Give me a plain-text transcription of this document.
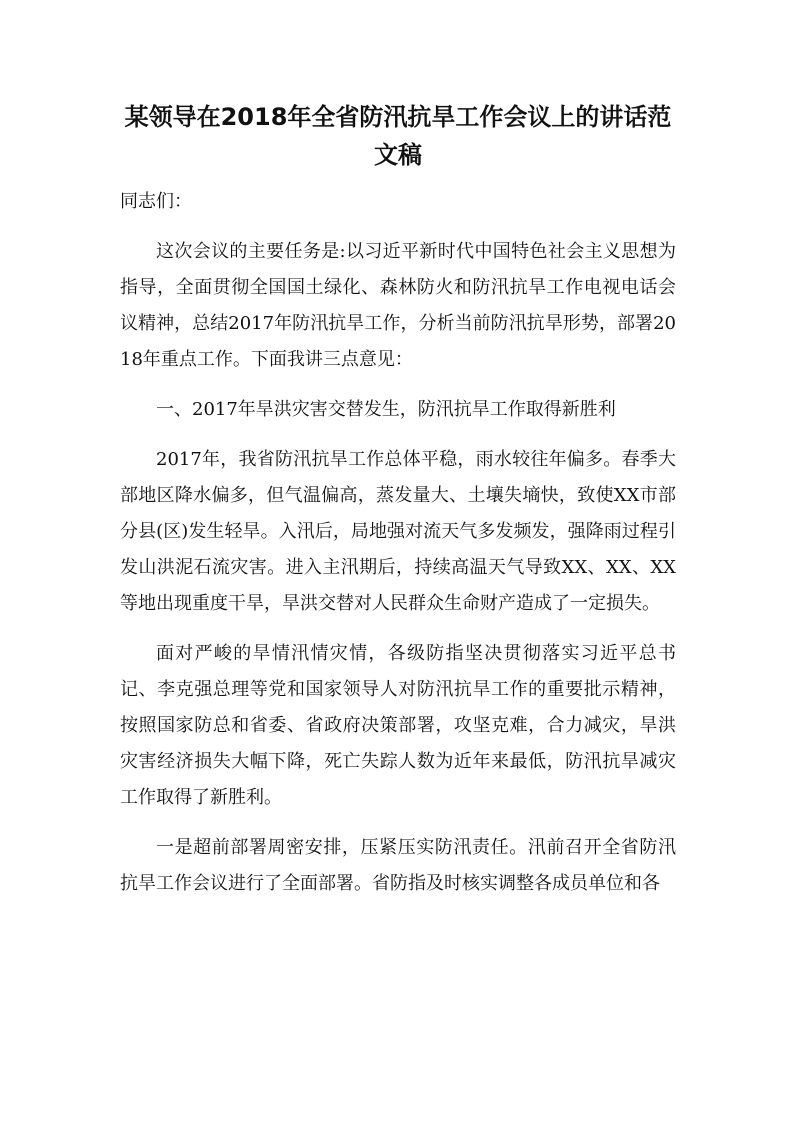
某领导在2018年全省防汛抗旱工作会议上的讲话范
文稿

同志们：

这次会议的主要任务是:以习近平新时代中国特色社会主义思想为指导，全面贯彻全国国土绿化、森林防火和防汛抗旱工作电视电话会议精神，总结2017年防汛抗旱工作，分析当前防汛抗旱形势，部署2018年重点工作。下面我讲三点意见：

一、2017年旱洪灾害交替发生，防汛抗旱工作取得新胜利

2017年，我省防汛抗旱工作总体平稳，雨水较往年偏多。春季大部地区降水偏多，但气温偏高，蒸发量大、土壤失墒快，致使XX市部分县(区)发生轻旱。入汛后，局地强对流天气多发频发，强降雨过程引发山洪泥石流灾害。进入主汛期后，持续高温天气导致XX、XX、XX等地出现重度干旱，旱洪交替对人民群众生命财产造成了一定损失。

面对严峻的旱情汛情灾情，各级防指坚决贯彻落实习近平总书记、李克强总理等党和国家领导人对防汛抗旱工作的重要批示精神，按照国家防总和省委、省政府决策部署，攻坚克难，合力减灾，旱洪灾害经济损失大幅下降，死亡失踪人数为近年来最低，防汛抗旱减灾工作取得了新胜利。

一是超前部署周密安排，压紧压实防汛责任。汛前召开全省防汛抗旱工作会议进行了全面部署。省防指及时核实调整各成员单位和各
